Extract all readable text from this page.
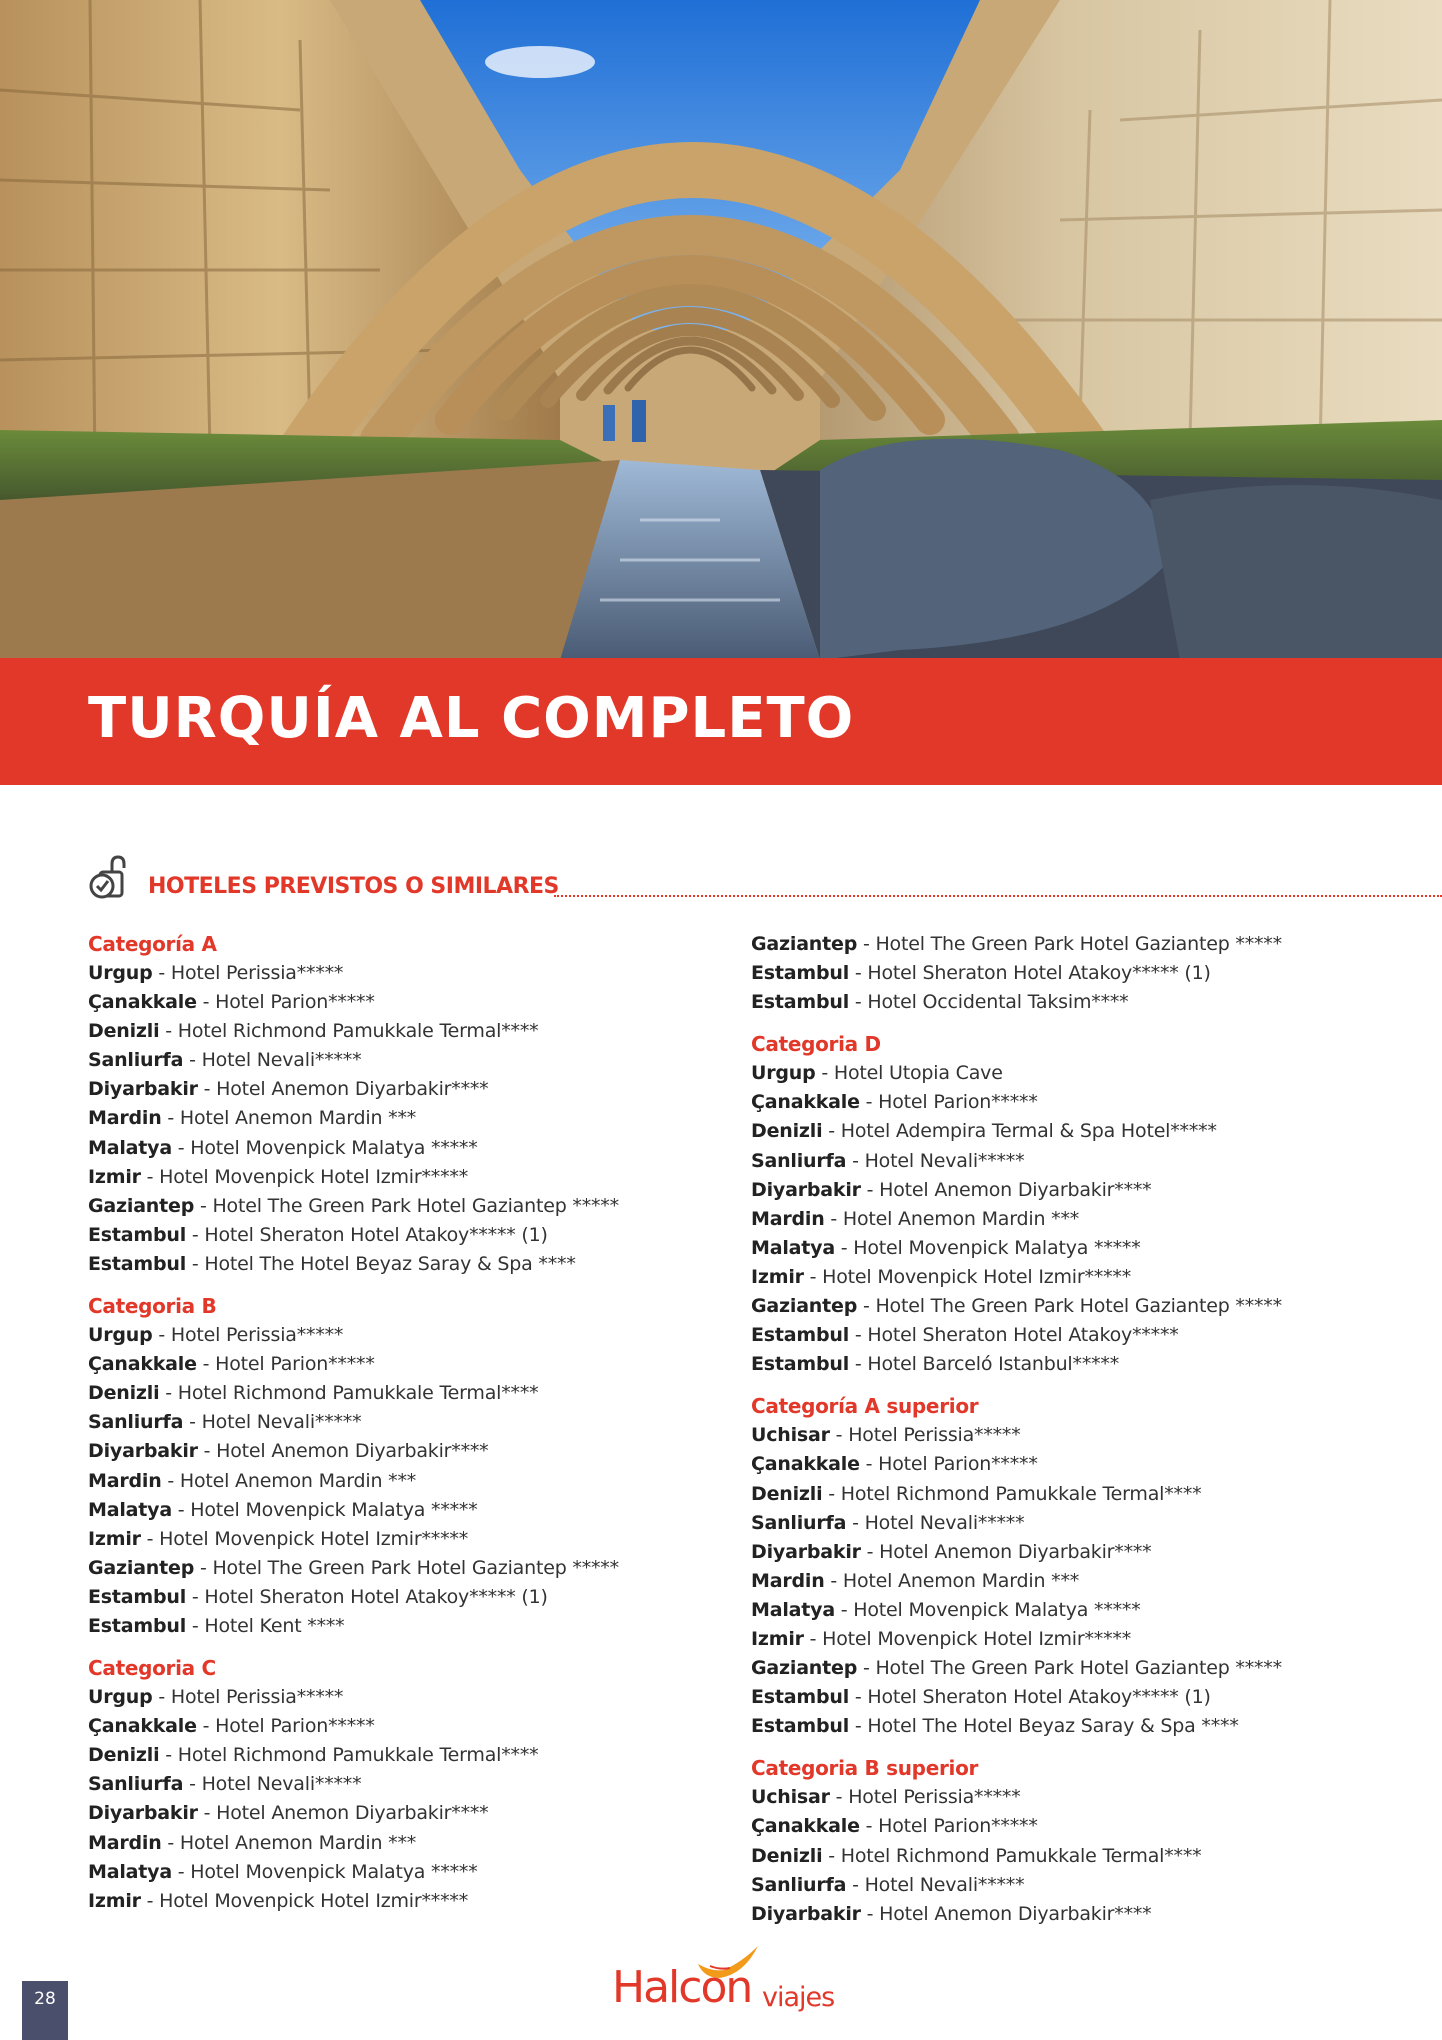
TURQUÍA AL COMPLETO
HOTELES PREVISTOS O SIMILARES
Categoría A
Urgup - Hotel Perissia*****
Çanakkale - Hotel Parion*****
Denizli - Hotel Richmond Pamukkale Termal****
Sanliurfa - Hotel Nevali*****
Diyarbakir - Hotel Anemon Diyarbakir****
Mardin - Hotel Anemon Mardin ***
Malatya - Hotel Movenpick Malatya *****
Izmir - Hotel Movenpick Hotel Izmir*****
Gaziantep - Hotel The Green Park Hotel Gaziantep *****
Estambul - Hotel Sheraton Hotel Atakoy***** (1)
Estambul - Hotel The Hotel Beyaz Saray & Spa ****
Categoria B
Urgup - Hotel Perissia*****
Çanakkale - Hotel Parion*****
Denizli - Hotel Richmond Pamukkale Termal****
Sanliurfa - Hotel Nevali*****
Diyarbakir - Hotel Anemon Diyarbakir****
Mardin - Hotel Anemon Mardin ***
Malatya - Hotel Movenpick Malatya *****
Izmir - Hotel Movenpick Hotel Izmir*****
Gaziantep - Hotel The Green Park Hotel Gaziantep *****
Estambul - Hotel Sheraton Hotel Atakoy***** (1)
Estambul - Hotel Kent ****
Categoria C
Urgup - Hotel Perissia*****
Çanakkale - Hotel Parion*****
Denizli - Hotel Richmond Pamukkale Termal****
Sanliurfa - Hotel Nevali*****
Diyarbakir - Hotel Anemon Diyarbakir****
Mardin - Hotel Anemon Mardin ***
Malatya - Hotel Movenpick Malatya *****
Izmir - Hotel Movenpick Hotel Izmir*****
Gaziantep - Hotel The Green Park Hotel Gaziantep *****
Estambul - Hotel Sheraton Hotel Atakoy***** (1)
Estambul - Hotel Occidental Taksim****
Categoria D
Urgup - Hotel Utopia Cave
Çanakkale - Hotel Parion*****
Denizli - Hotel Adempira Termal & Spa Hotel*****
Sanliurfa - Hotel Nevali*****
Diyarbakir - Hotel Anemon Diyarbakir****
Mardin - Hotel Anemon Mardin ***
Malatya - Hotel Movenpick Malatya *****
Izmir - Hotel Movenpick Hotel Izmir*****
Gaziantep - Hotel The Green Park Hotel Gaziantep *****
Estambul - Hotel Sheraton Hotel Atakoy*****
Estambul - Hotel Barceló Istanbul*****
Categoría A superior
Uchisar - Hotel Perissia*****
Çanakkale - Hotel Parion*****
Denizli - Hotel Richmond Pamukkale Termal****
Sanliurfa - Hotel Nevali*****
Diyarbakir - Hotel Anemon Diyarbakir****
Mardin - Hotel Anemon Mardin ***
Malatya - Hotel Movenpick Malatya *****
Izmir - Hotel Movenpick Hotel Izmir*****
Gaziantep - Hotel The Green Park Hotel Gaziantep *****
Estambul - Hotel Sheraton Hotel Atakoy***** (1)
Estambul - Hotel The Hotel Beyaz Saray & Spa ****
Categoria B superior
Uchisar - Hotel Perissia*****
Çanakkale - Hotel Parion*****
Denizli - Hotel Richmond Pamukkale Termal****
Sanliurfa - Hotel Nevali*****
Diyarbakir - Hotel Anemon Diyarbakir****
28	Halcon viajes
